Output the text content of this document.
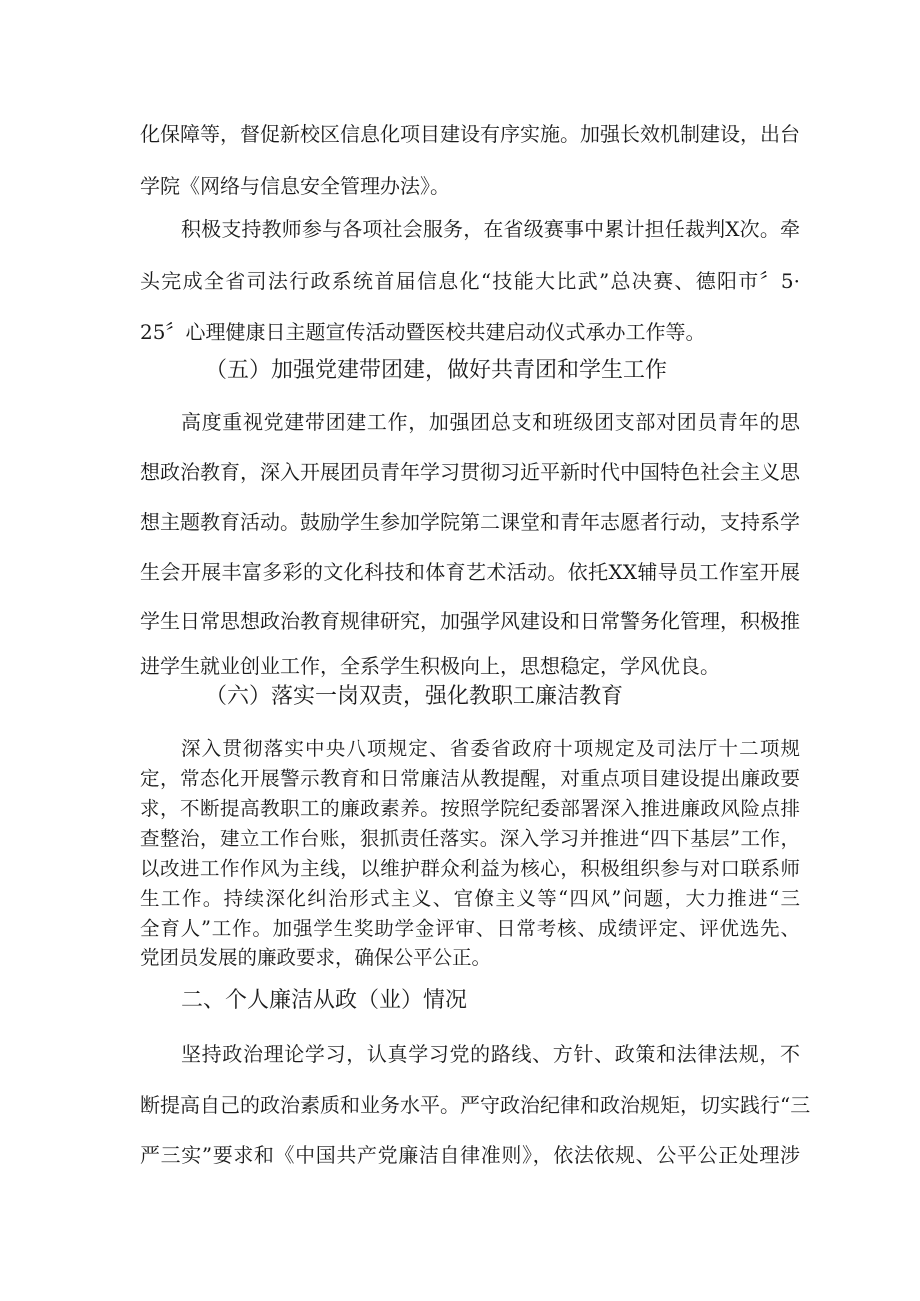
化保障等，督促新校区信息化项目建设有序实施。加强长效机制建设，出台
学院《网络与信息安全管理办法》。
积极支持教师参与各项社会服务，在省级赛事中累计担任裁判X次。牵
头完成全省司法行政系统首届信息化“技能大比武”总决赛、德阳市〞5·
25〞心理健康日主题宣传活动暨医校共建启动仪式承办工作等。
（五）加强党建带团建，做好共青团和学生工作
高度重视党建带团建工作，加强团总支和班级团支部对团员青年的思
想政治教育，深入开展团员青年学习贯彻习近平新时代中国特色社会主义思
想主题教育活动。鼓励学生参加学院第二课堂和青年志愿者行动，支持系学
生会开展丰富多彩的文化科技和体育艺术活动。依托XX辅导员工作室开展
学生日常思想政治教育规律研究，加强学风建设和日常警务化管理，积极推
进学生就业创业工作，全系学生积极向上，思想稳定，学风优良。
（六）落实一岗双责，强化教职工廉洁教育
深入贯彻落实中央八项规定、省委省政府十项规定及司法厅十二项规
定，常态化开展警示教育和日常廉洁从教提醒，对重点项目建设提出廉政要
求，不断提高教职工的廉政素养。按照学院纪委部署深入推进廉政风险点排
查整治，建立工作台账，狠抓责任落实。深入学习并推进“四下基层”工作，
以改进工作作风为主线，以维护群众利益为核心，积极组织参与对口联系师
生工作。持续深化纠治形式主义、官僚主义等“四风”问题，大力推进“三
全育人”工作。加强学生奖助学金评审、日常考核、成绩评定、评优选先、
党团员发展的廉政要求，确保公平公正。
二、个人廉洁从政（业）情况
坚持政治理论学习，认真学习党的路线、方针、政策和法律法规，不
断提高自己的政治素质和业务水平。严守政治纪律和政治规矩，切实践行“三
严三实”要求和《中国共产党廉洁自律准则》，依法依规、公平公正处理涉
